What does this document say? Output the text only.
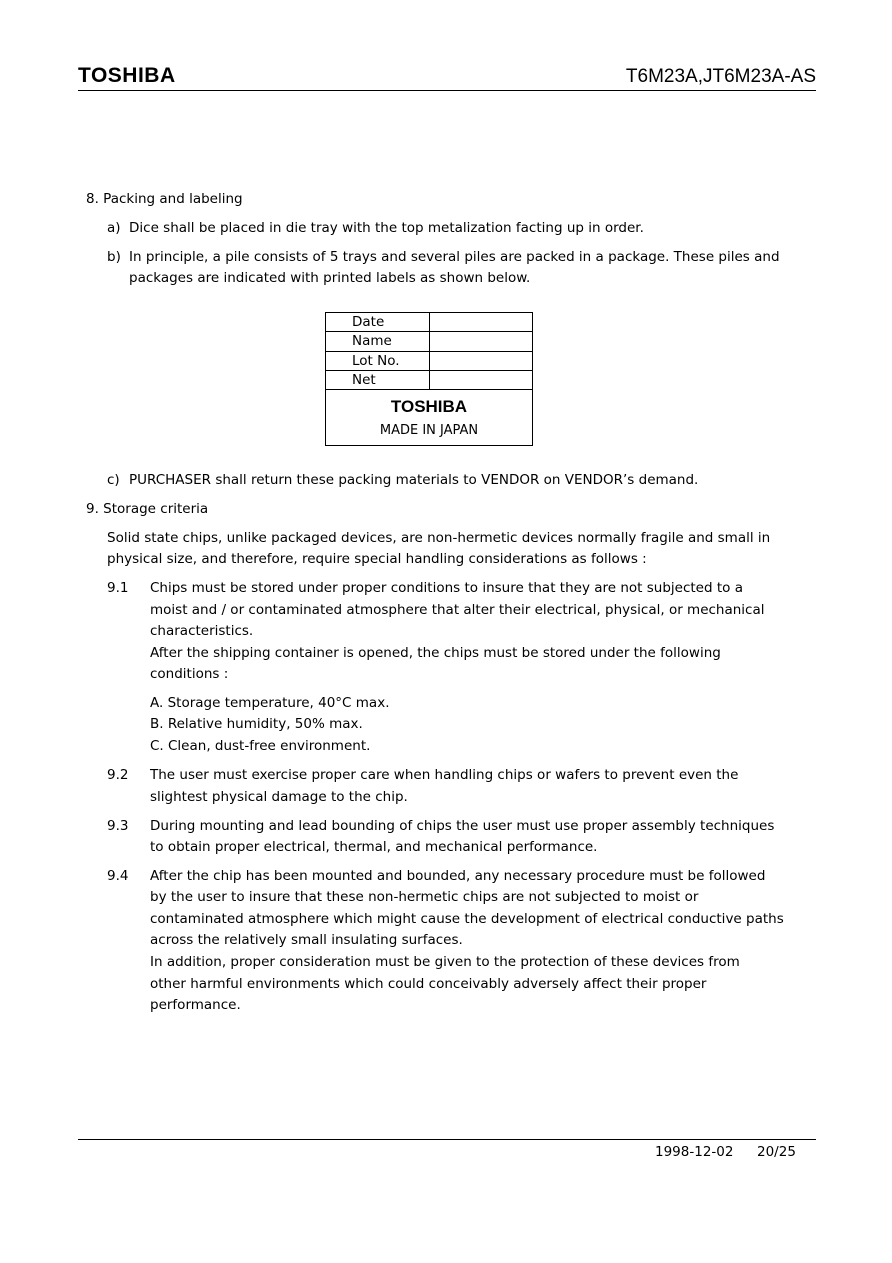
TOSHIBA	T6M23A,JT6M23A-AS
8. Packing and labeling
a) Dice shall be placed in die tray with the top metalization facting up in order.
b) In principle, a pile consists of 5 trays and several piles are packed in a package. These piles and
packages are indicated with printed labels as shown below.
Date	
Name	
Lot No.	
Net	
TOSHIBA
MADE IN JAPAN
c) PURCHASER shall return these packing materials to VENDOR on VENDOR’s demand.
9. Storage criteria
Solid state chips, unlike packaged devices, are non-hermetic devices normally fragile and small in
physical size, and therefore, require special handling considerations as follows :
9.1 Chips must be stored under proper conditions to insure that they are not subjected to a
moist and / or contaminated atmosphere that alter their electrical, physical, or mechanical
characteristics.
After the shipping container is opened, the chips must be stored under the following
conditions :
A. Storage temperature, 40°C max.
B. Relative humidity, 50% max.
C. Clean, dust-free environment.
9.2 The user must exercise proper care when handling chips or wafers to prevent even the
slightest physical damage to the chip.
9.3 During mounting and lead bounding of chips the user must use proper assembly techniques
to obtain proper electrical, thermal, and mechanical performance.
9.4 After the chip has been mounted and bounded, any necessary procedure must be followed
by the user to insure that these non-hermetic chips are not subjected to moist or
contaminated atmosphere which might cause the development of electrical conductive paths
across the relatively small insulating surfaces.
In addition, proper consideration must be given to the protection of these devices from
other harmful environments which could conceivably adversely affect their proper
performance.
1998-12-02 20/25
